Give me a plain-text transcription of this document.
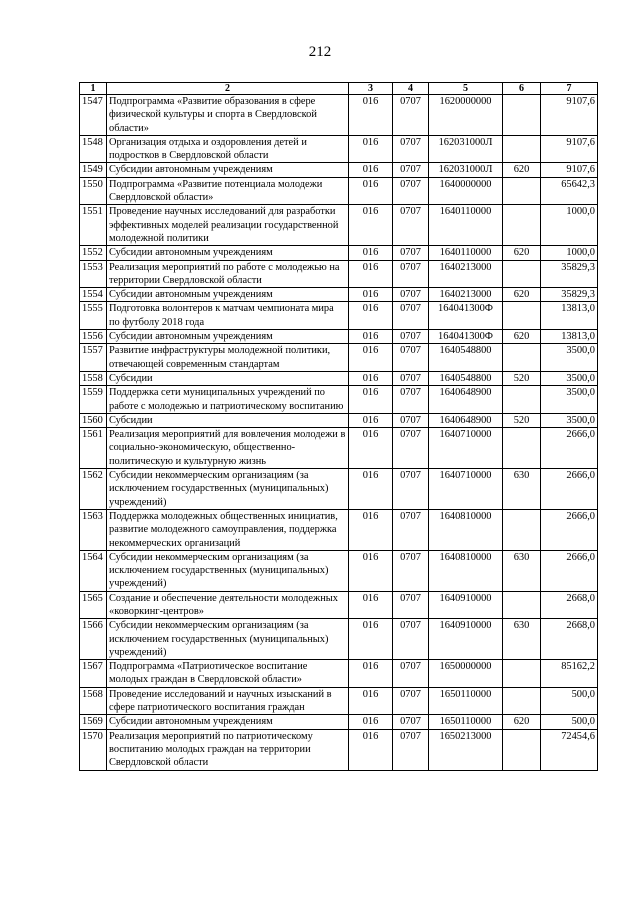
212
1	2	3	4	5	6	7
1547	Подпрограмма «Развитие образования в сфере физической культуры и спорта в Свердловской области»	016	0707	1620000000		9107,6
1548	Организация отдыха и оздоровления детей и подростков в Свердловской области	016	0707	162031000Л		9107,6
1549	Субсидии автономным учреждениям	016	0707	162031000Л	620	9107,6
1550	Подпрограмма «Развитие потенциала молодежи Свердловской области»	016	0707	1640000000		65642,3
1551	Проведение научных исследований для разработки эффективных моделей реализации государственной молодежной политики	016	0707	1640110000		1000,0
1552	Субсидии автономным учреждениям	016	0707	1640110000	620	1000,0
1553	Реализация мероприятий по работе с молодежью на территории Свердловской области	016	0707	1640213000		35829,3
1554	Субсидии автономным учреждениям	016	0707	1640213000	620	35829,3
1555	Подготовка волонтеров к матчам чемпионата мира по футболу 2018 года	016	0707	164041300Ф		13813,0
1556	Субсидии автономным учреждениям	016	0707	164041300Ф	620	13813,0
1557	Развитие инфраструктуры молодежной политики, отвечающей современным стандартам	016	0707	1640548800		3500,0
1558	Субсидии	016	0707	1640548800	520	3500,0
1559	Поддержка сети муниципальных учреждений по работе с молодежью и патриотическому воспитанию	016	0707	1640648900		3500,0
1560	Субсидии	016	0707	1640648900	520	3500,0
1561	Реализация мероприятий для вовлечения молодежи в социально-экономическую, общественно-политическую и культурную жизнь	016	0707	1640710000		2666,0
1562	Субсидии некоммерческим организациям (за исключением государственных (муниципальных) учреждений)	016	0707	1640710000	630	2666,0
1563	Поддержка молодежных общественных инициатив, развитие молодежного самоуправления, поддержка некоммерческих организаций	016	0707	1640810000		2666,0
1564	Субсидии некоммерческим организациям (за исключением государственных (муниципальных) учреждений)	016	0707	1640810000	630	2666,0
1565	Создание и обеспечение деятельности молодежных «коворкинг-центров»	016	0707	1640910000		2668,0
1566	Субсидии некоммерческим организациям (за исключением государственных (муниципальных) учреждений)	016	0707	1640910000	630	2668,0
1567	Подпрограмма «Патриотическое воспитание молодых граждан в Свердловской области»	016	0707	1650000000		85162,2
1568	Проведение исследований и научных изысканий в сфере патриотического воспитания граждан	016	0707	1650110000		500,0
1569	Субсидии автономным учреждениям	016	0707	1650110000	620	500,0
1570	Реализация мероприятий по патриотическому воспитанию молодых граждан на территории Свердловской области	016	0707	1650213000		72454,6
